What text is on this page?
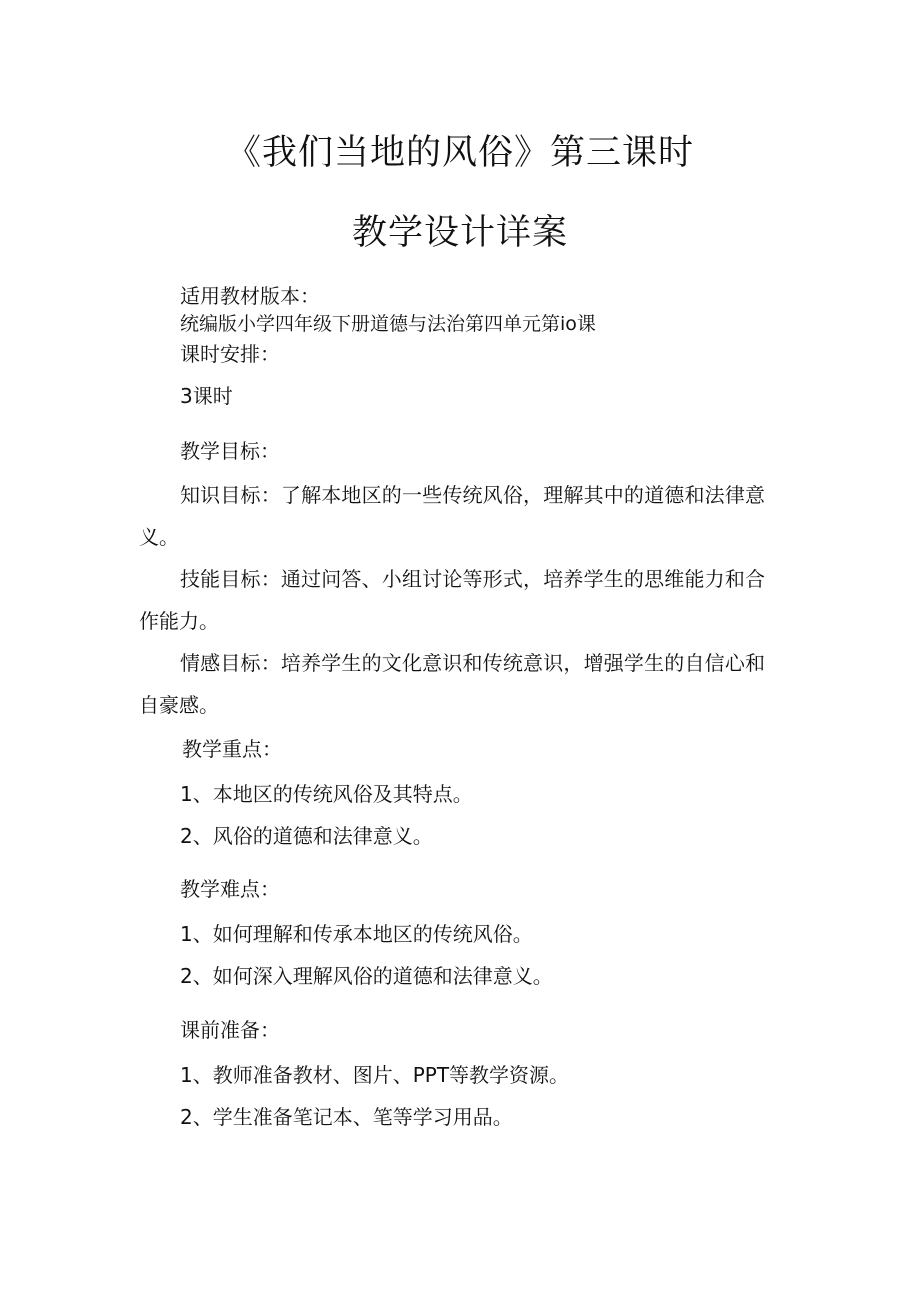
《我们当地的风俗》第三课时
教学设计详案
适用教材版本：
统编版小学四年级下册道德与法治第四单元第io课
课时安排：
3课时
教学目标：
知识目标：了解本地区的一些传统风俗，理解其中的道德和法律意
义。
技能目标：通过问答、小组讨论等形式，培养学生的思维能力和合
作能力。
情感目标：培养学生的文化意识和传统意识，增强学生的自信心和
自豪感。
教学重点：
1、本地区的传统风俗及其特点。
2、风俗的道德和法律意义。
教学难点：
1、如何理解和传承本地区的传统风俗。
2、如何深入理解风俗的道德和法律意义。
课前准备：
1、教师准备教材、图片、PPT等教学资源。
2、学生准备笔记本、笔等学习用品。
